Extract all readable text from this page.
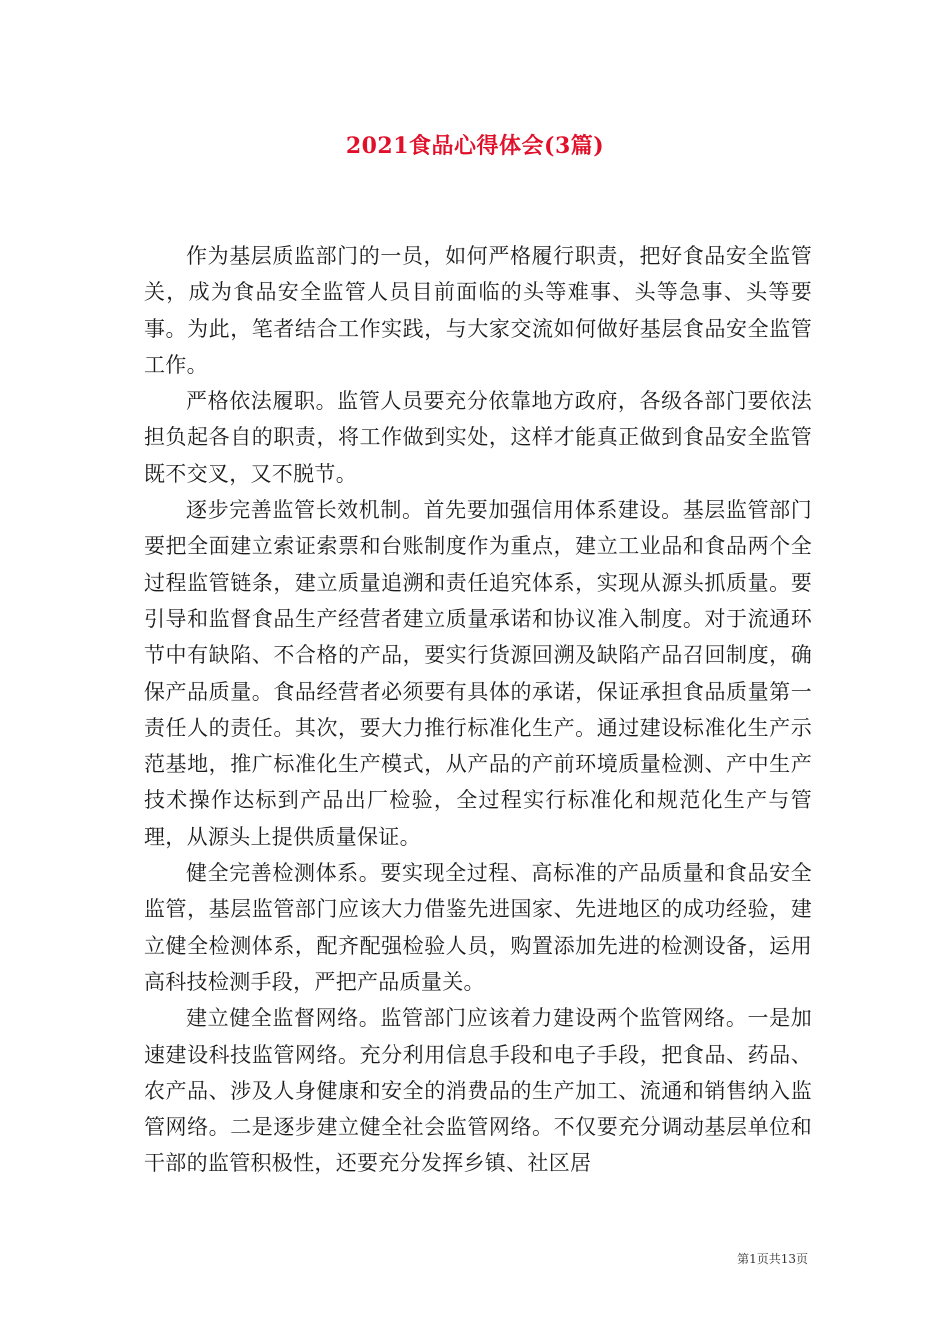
2021食品心得体会(3篇)

作为基层质监部门的一员，如何严格履行职责，把好食品安全监管关，成为食品安全监管人员目前面临的头等难事、头等急事、头等要事。为此，笔者结合工作实践，与大家交流如何做好基层食品安全监管工作。

严格依法履职。监管人员要充分依靠地方政府，各级各部门要依法担负起各自的职责，将工作做到实处，这样才能真正做到食品安全监管既不交叉，又不脱节。

逐步完善监管长效机制。首先要加强信用体系建设。基层监管部门要把全面建立索证索票和台账制度作为重点，建立工业品和食品两个全过程监管链条，建立质量追溯和责任追究体系，实现从源头抓质量。要引导和监督食品生产经营者建立质量承诺和协议准入制度。对于流通环节中有缺陷、不合格的产品，要实行货源回溯及缺陷产品召回制度，确保产品质量。食品经营者必须要有具体的承诺，保证承担食品质量第一责任人的责任。其次，要大力推行标准化生产。通过建设标准化生产示范基地，推广标准化生产模式，从产品的产前环境质量检测、产中生产技术操作达标到产品出厂检验，全过程实行标准化和规范化生产与管理，从源头上提供质量保证。

健全完善检测体系。要实现全过程、高标准的产品质量和食品安全监管，基层监管部门应该大力借鉴先进国家、先进地区的成功经验，建立健全检测体系，配齐配强检验人员，购置添加先进的检测设备，运用高科技检测手段，严把产品质量关。

建立健全监督网络。监管部门应该着力建设两个监管网络。一是加速建设科技监管网络。充分利用信息手段和电子手段，把食品、药品、农产品、涉及人身健康和安全的消费品的生产加工、流通和销售纳入监管网络。二是逐步建立健全社会监管网络。不仅要充分调动基层单位和干部的监管积极性，还要充分发挥乡镇、社区居

第1页共13页
